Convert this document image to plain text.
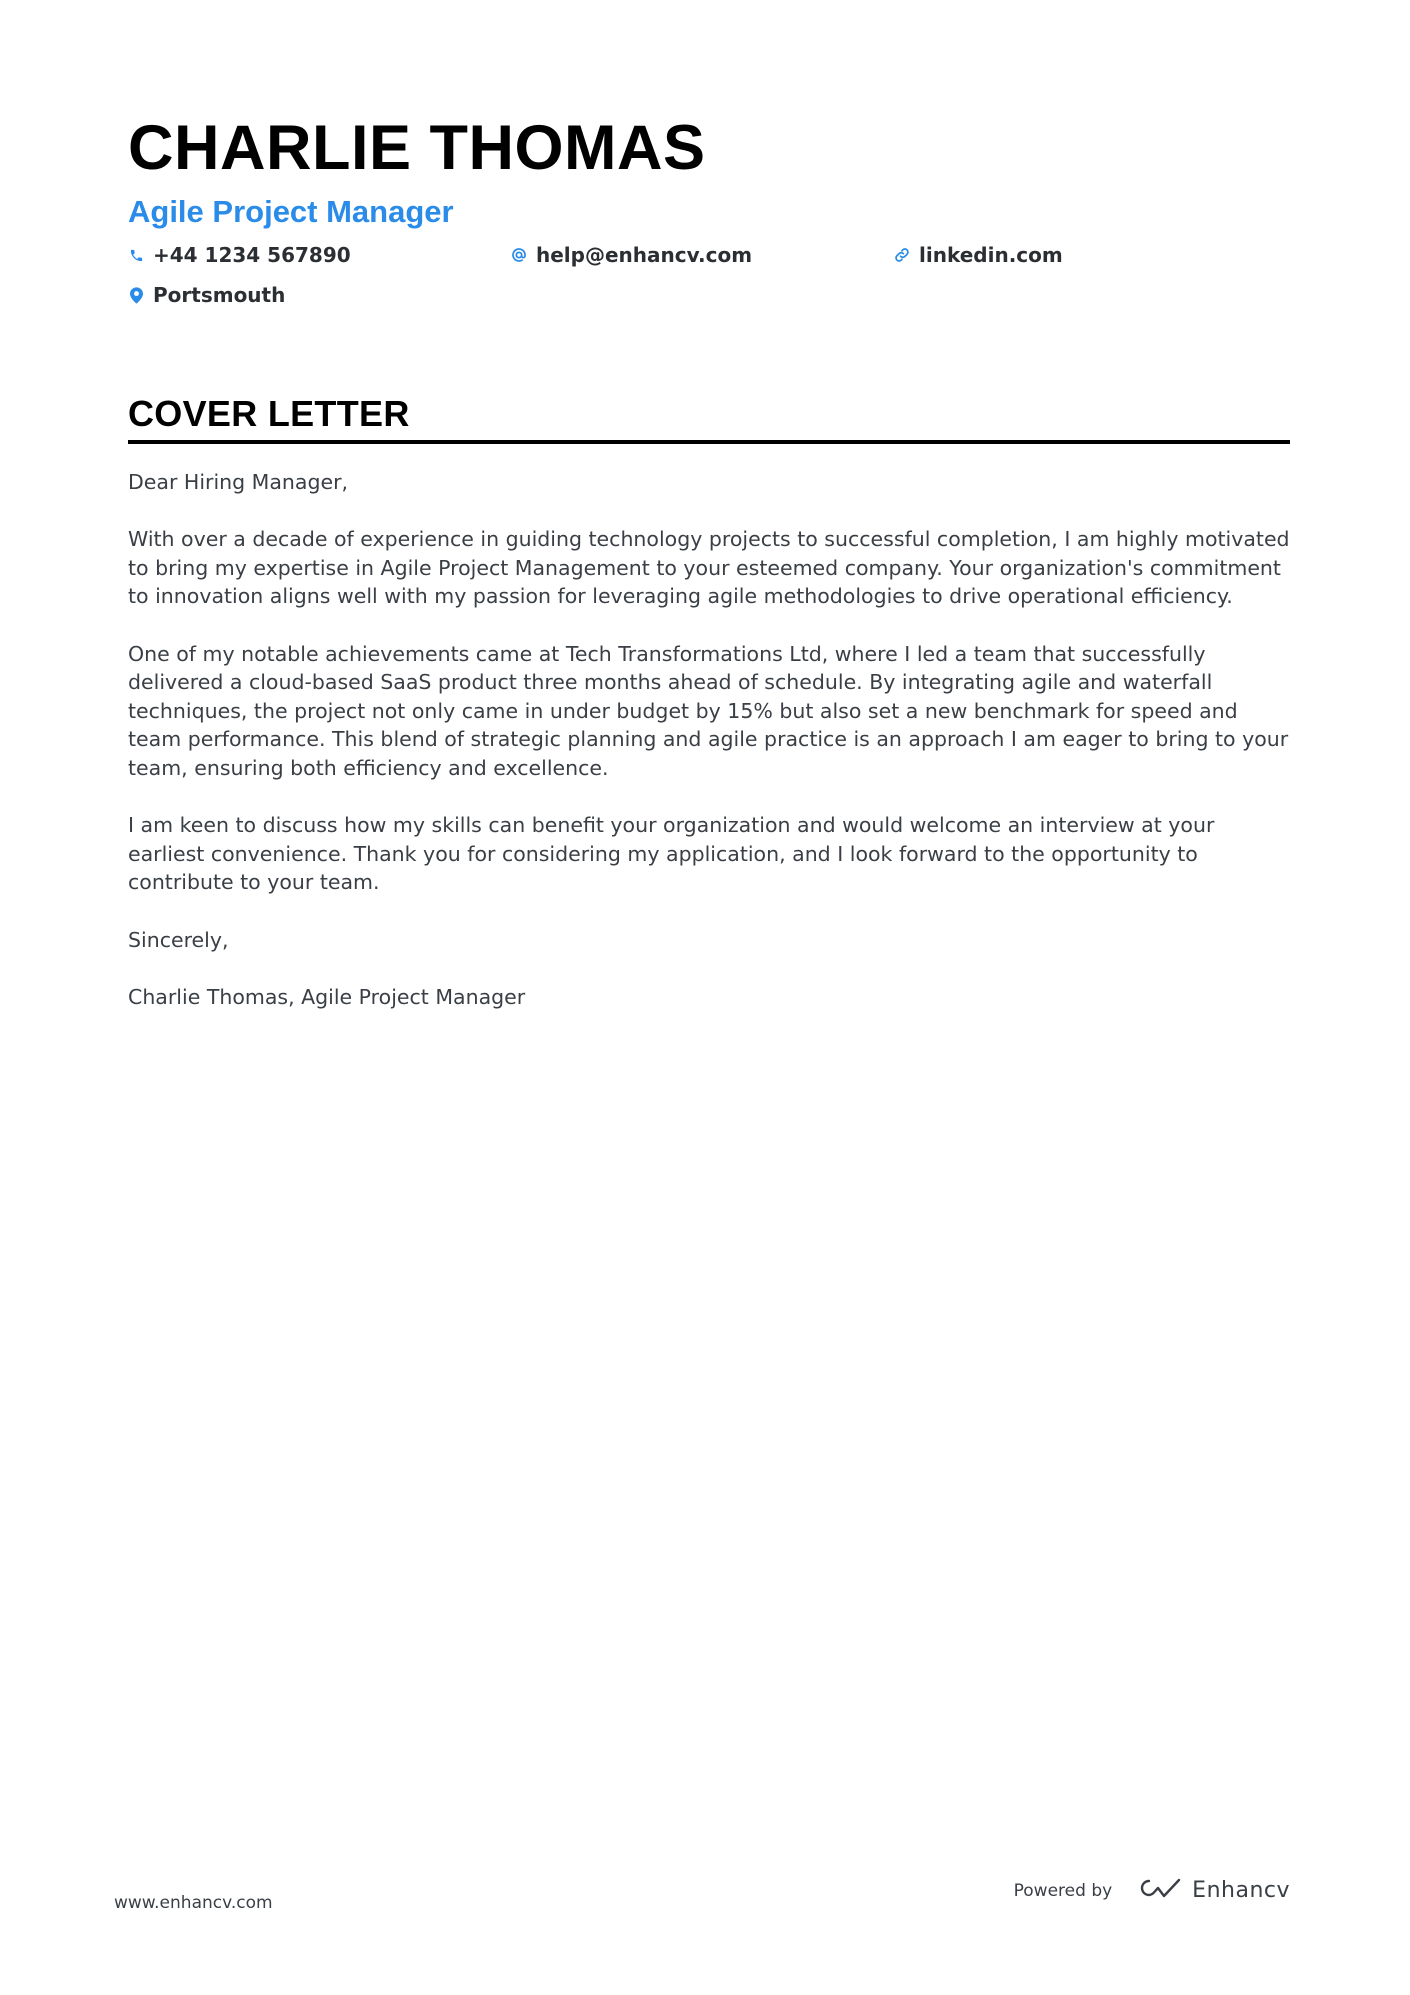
CHARLIE THOMAS
Agile Project Manager
+44 1234 567890	help@enhancv.com	linkedin.com
Portsmouth
COVER LETTER

Dear Hiring Manager,

With over a decade of experience in guiding technology projects to successful completion, I am highly motivated to bring my expertise in Agile Project Management to your esteemed company. Your organization's commitment to innovation aligns well with my passion for leveraging agile methodologies to drive operational efficiency.

One of my notable achievements came at Tech Transformations Ltd, where I led a team that successfully delivered a cloud-based SaaS product three months ahead of schedule. By integrating agile and waterfall techniques, the project not only came in under budget by 15% but also set a new benchmark for speed and team performance. This blend of strategic planning and agile practice is an approach I am eager to bring to your team, ensuring both efficiency and excellence.

I am keen to discuss how my skills can benefit your organization and would welcome an interview at your earliest convenience. Thank you for considering my application, and I look forward to the opportunity to contribute to your team.

Sincerely,

Charlie Thomas, Agile Project Manager

www.enhancv.com
Powered by	Enhancv
